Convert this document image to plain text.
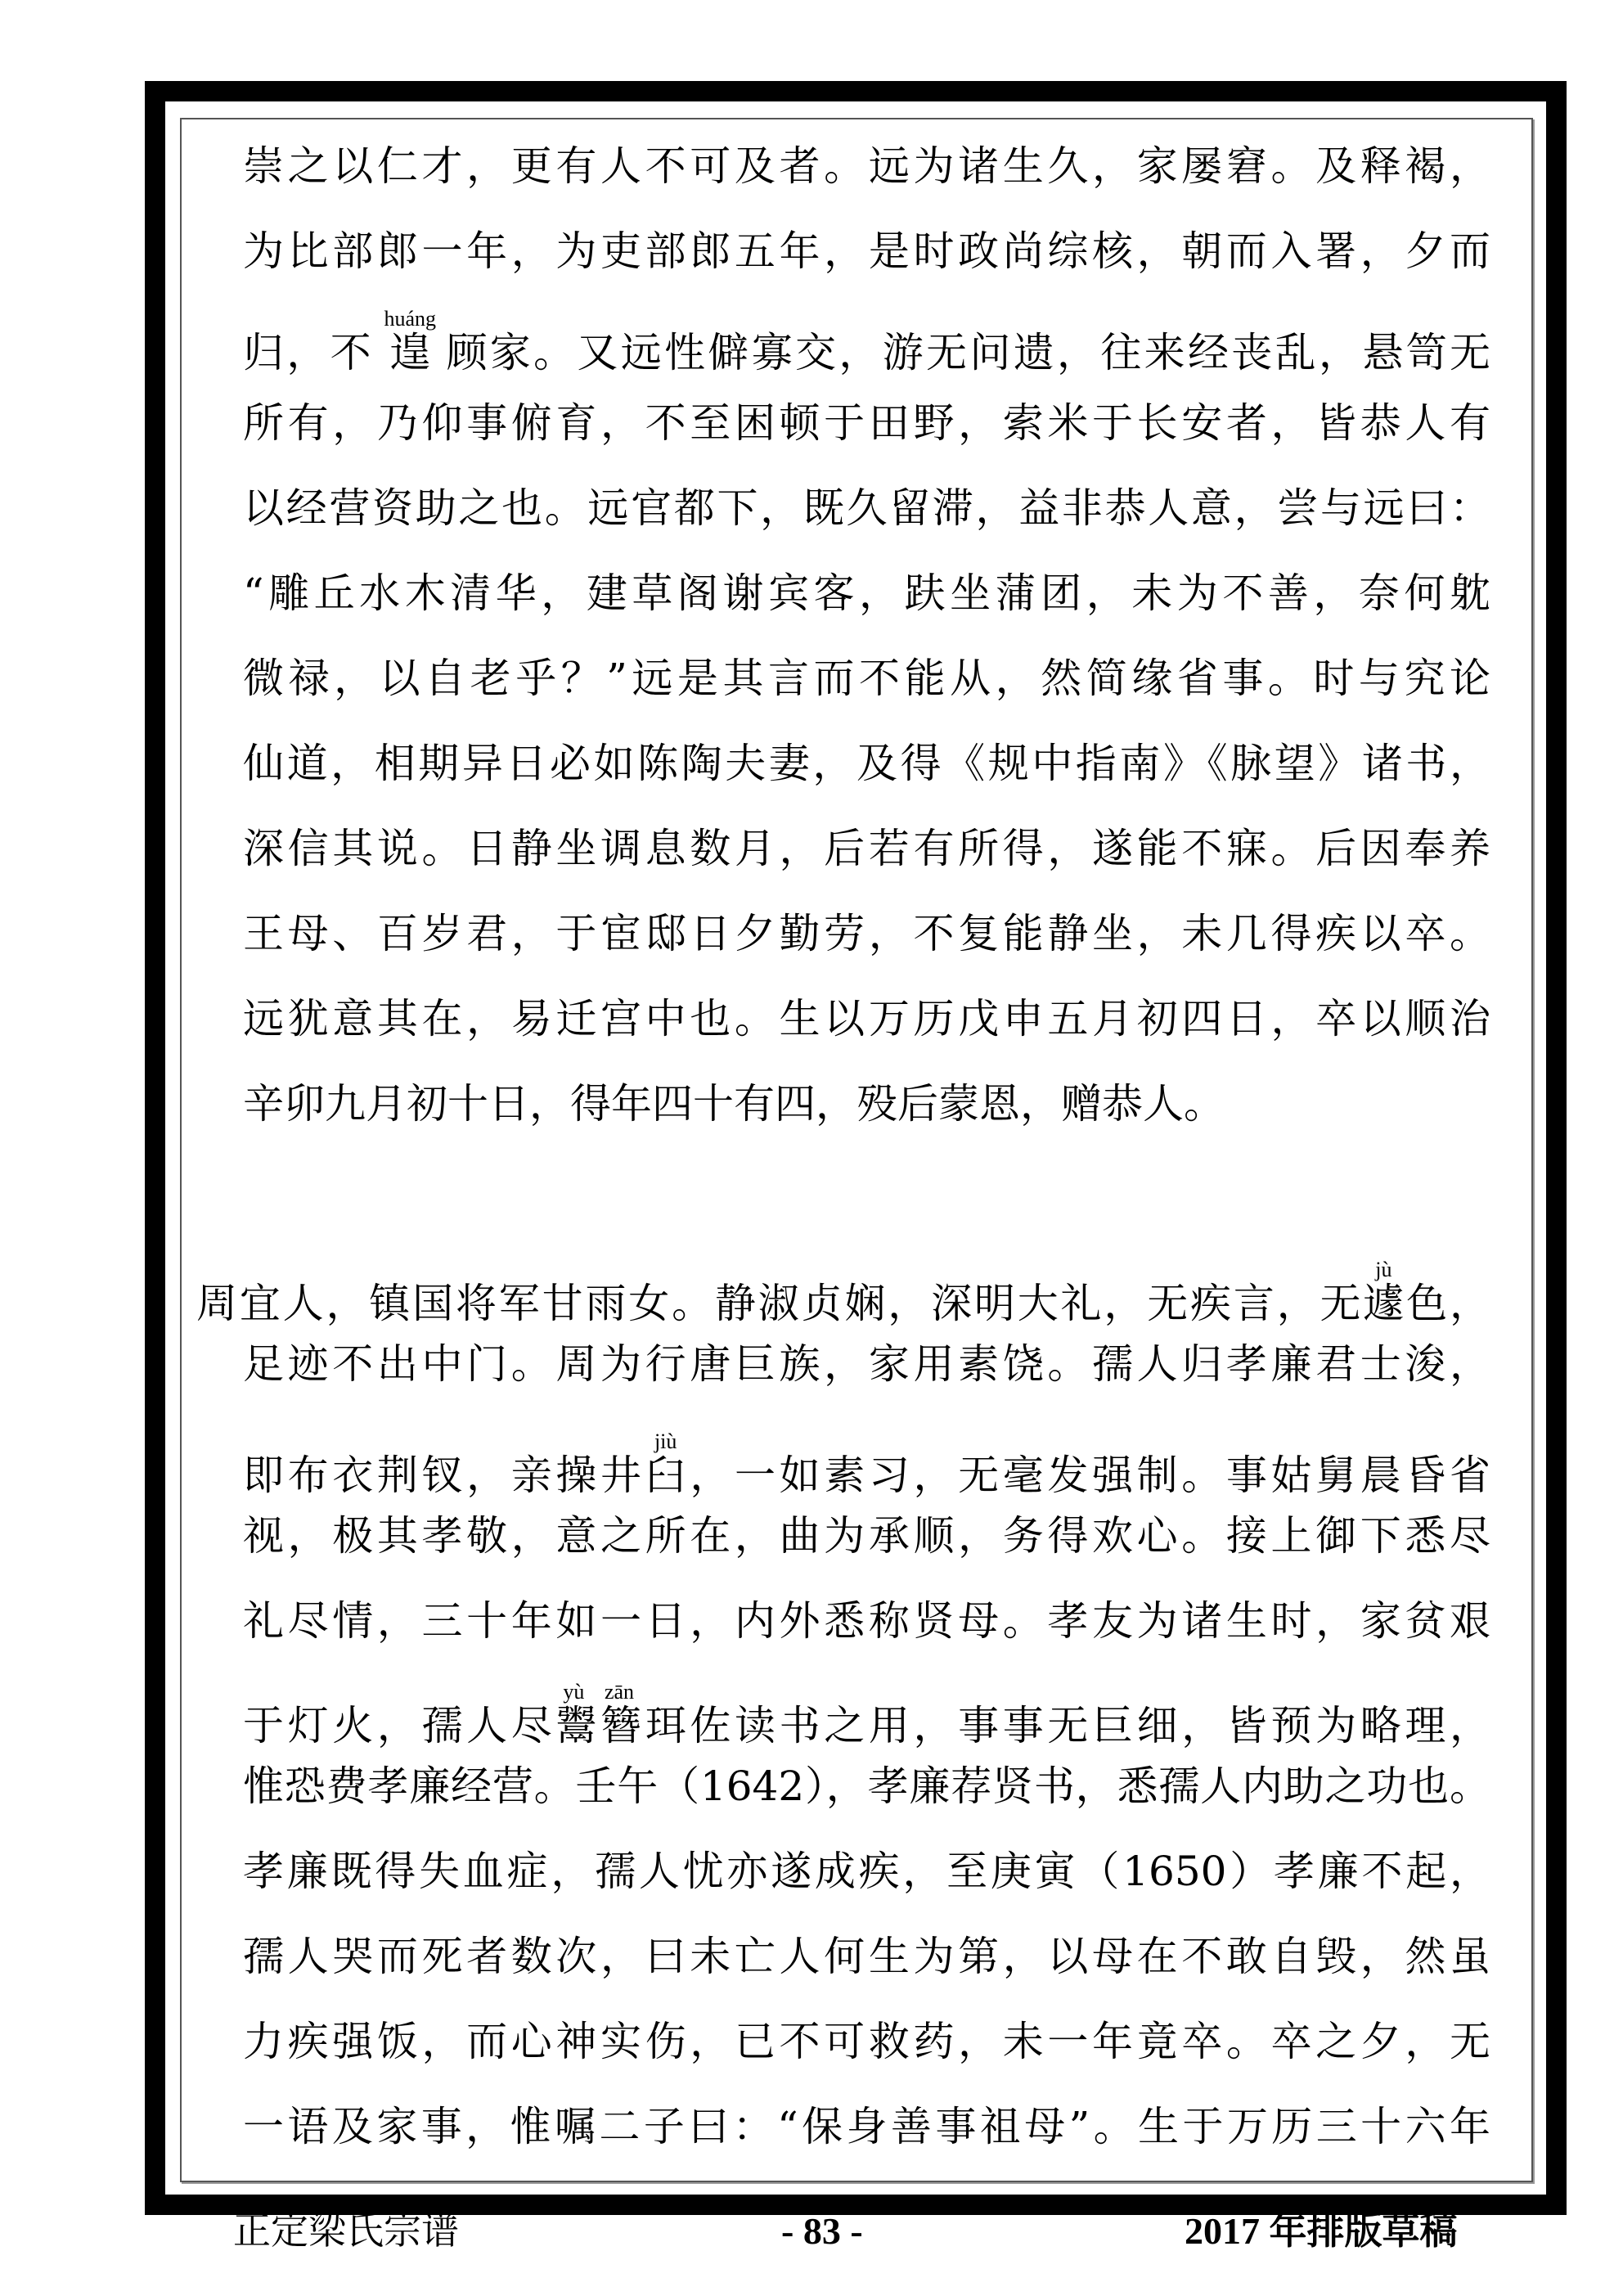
崇之以仁才，更有人不可及者。远为诸生久，家屡窘。及释褐，
为比部郎一年，为吏部郎五年，是时政尚综核，朝而入署，夕而
归，不 遑huáng 顾家。又远性僻寡交，游无问遗，往来经丧乱，悬笥无
所有，乃仰事俯育，不至困顿于田野，索米于长安者，皆恭人有
以经营资助之也。远官都下，既久留滞，益非恭人意，尝与远曰：
“雕丘水木清华，建草阁谢宾客，趺坐蒲团，未为不善，奈何躭
微禄，以自老乎？”远是其言而不能从，然简缘省事。时与究论
仙道，相期异日必如陈陶夫妻，及得《规中指南》《脉望》诸书，
深信其说。日静坐调息数月，后若有所得，遂能不寐。后因奉养
王母、百岁君，于宦邸日夕勤劳，不复能静坐，未几得疾以卒。
远犹意其在，易迁宫中也。生以万历戊申五月初四日，卒以顺治
辛卯九月初十日，得年四十有四，殁后蒙恩，赠恭人。
周宜人，镇国将军甘雨女。静淑贞娴，深明大礼，无疾言，无遽jù色，
足迹不出中门。周为行唐巨族，家用素饶。孺人归孝廉君士浚，
即布衣荆钗，亲操井臼jiù，一如素习，无毫发强制。事姑舅晨昏省
视，极其孝敬，意之所在，曲为承顺，务得欢心。接上御下悉尽
礼尽情，三十年如一日，内外悉称贤母。孝友为诸生时，家贫艰
于灯火，孺人尽鬻簪yù zān珥佐读书之用，事事无巨细，皆预为略理，
惟恐费孝廉经营。壬午（1642），孝廉荐贤书，悉孺人内助之功也。
孝廉既得失血症，孺人忧亦遂成疾，至庚寅（1650）孝廉不起，
孺人哭而死者数次，曰未亡人何生为第，以母在不敢自毁，然虽
力疾强饭，而心神实伤，已不可救药，未一年竟卒。卒之夕，无
一语及家事，惟嘱二子曰：“保身善事祖母”。生于万历三十六年
正定梁氏宗谱	- 83 -	2017 年排版草稿
